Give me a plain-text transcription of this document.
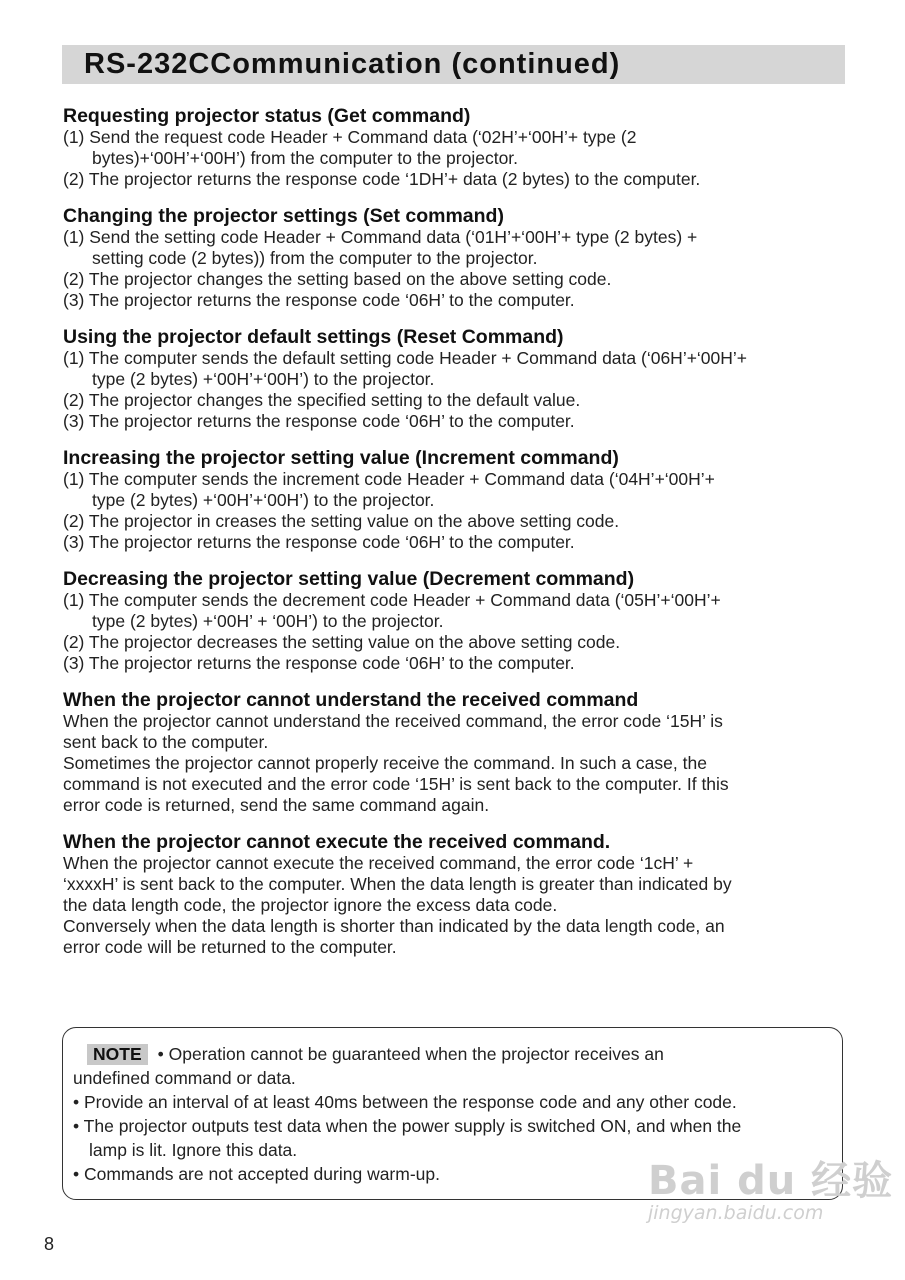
RS-232CCommunication (continued)
Requesting projector status (Get command)
(1) Send the request code Header + Command data (‘02H’+‘00H’+ type (2
bytes)+‘00H’+‘00H’) from the computer to the projector.
(2) The projector returns the response code ‘1DH’+ data (2 bytes) to the computer.
Changing the projector settings (Set command)
(1) Send the setting code Header + Command data (‘01H’+‘00H’+ type (2 bytes) +
setting code (2 bytes)) from the computer to the projector.
(2) The projector changes the setting based on the above setting code.
(3) The projector returns the response code ‘06H’ to the computer.
Using the projector default settings (Reset Command)
(1) The computer sends the default setting code Header + Command data (‘06H’+‘00H’+
type (2 bytes) +‘00H’+‘00H’) to the projector.
(2) The projector changes the specified setting to the default value.
(3) The projector returns the response code ‘06H’ to the computer.
Increasing the projector setting value (Increment command)
(1) The computer sends the increment code Header + Command data (‘04H’+‘00H’+
type (2 bytes) +‘00H’+‘00H’) to the projector.
(2) The projector in creases the setting value on the above setting code.
(3) The projector returns the response code ‘06H’ to the computer.
Decreasing the projector setting value (Decrement command)
(1) The computer sends the decrement code Header + Command data (‘05H’+‘00H’+
type (2 bytes) +‘00H’ + ‘00H’) to the projector.
(2) The projector decreases the setting value on the above setting code.
(3) The projector returns the response code ‘06H’ to the computer.
When the projector cannot understand the received command
When the projector cannot understand the received command, the error code ‘15H’ is
sent back to the computer.
Sometimes the projector cannot properly receive the command. In such a case, the
command is not executed and the error code ‘15H’ is sent back to the computer. If this
error code is returned, send the same command again.
When the projector cannot execute the received command.
When the projector cannot execute the received command, the error code ‘1cH’ +
‘xxxxH’ is sent back to the computer. When the data length is greater than indicated by
the data length code, the projector ignore the excess data code.
Conversely when the data length is shorter than indicated by the data length code, an
error code will be returned to the computer.
NOTE • Operation cannot be guaranteed when the projector receives an
undefined command or data.
• Provide an interval of at least 40ms between the response code and any other code.
• The projector outputs test data when the power supply is switched ON, and when the
lamp is lit. Ignore this data.
• Commands are not accepted during warm-up.
8
Bai du 经验
jingyan.baidu.com
